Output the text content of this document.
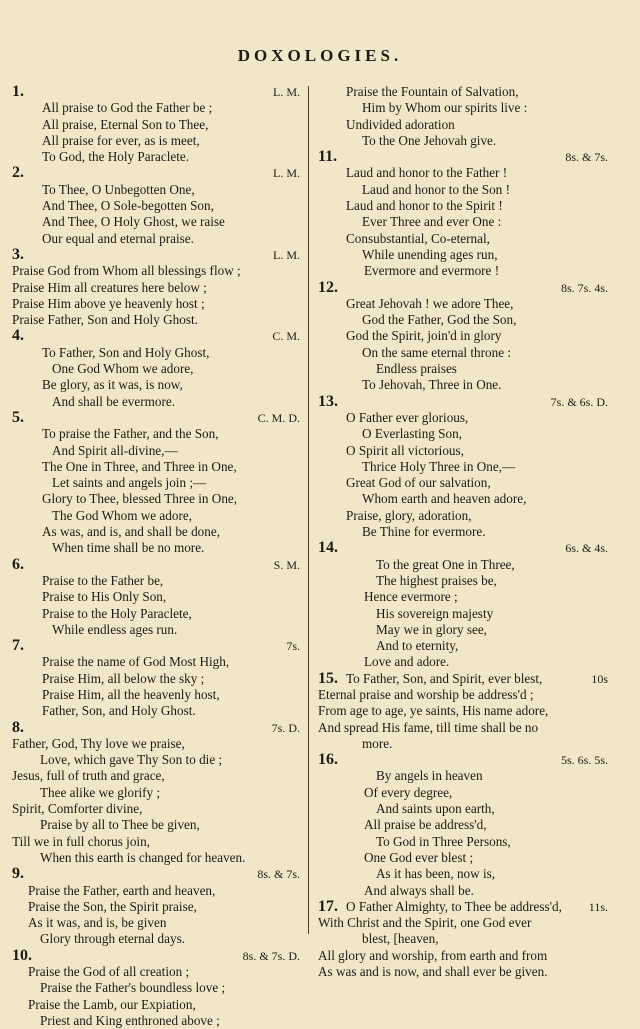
DOXOLOGIES.
1.	L. M.
All praise to God the Father be ;
All praise, Eternal Son to Thee,
All praise for ever, as is meet,
To God, the Holy Paraclete.
2.	L. M.
To Thee, O Unbegotten One,
And Thee, O Sole-begotten Son,
And Thee, O Holy Ghost, we raise
Our equal and eternal praise.
3.	L. M.
Praise God from Whom all blessings flow ;
Praise Him all creatures here below ;
Praise Him above ye heavenly host ;
Praise Father, Son and Holy Ghost.
4.	C. M.
To Father, Son and Holy Ghost,
One God Whom we adore,
Be glory, as it was, is now,
And shall be evermore.
5.	C. M. D.
To praise the Father, and the Son,
And Spirit all-divine,—
The One in Three, and Three in One,
Let saints and angels join ;—
Glory to Thee, blessed Three in One,
The God Whom we adore,
As was, and is, and shall be done,
When time shall be no more.
6.	S. M.
Praise to the Father be,
Praise to His Only Son,
Praise to the Holy Paraclete,
While endless ages run.
7.	7s.
Praise the name of God Most High,
Praise Him, all below the sky ;
Praise Him, all the heavenly host,
Father, Son, and Holy Ghost.
8.	7s. D.
Father, God, Thy love we praise,
Love, which gave Thy Son to die ;
Jesus, full of truth and grace,
Thee alike we glorify ;
Spirit, Comforter divine,
Praise by all to Thee be given,
Till we in full chorus join,
When this earth is changed for heaven.
9.	8s. & 7s.
Praise the Father, earth and heaven,
Praise the Son, the Spirit praise,
As it was, and is, be given
Glory through eternal days.
10.	8s. & 7s. D.
Praise the God of all creation ;
Praise the Father's boundless love ;
Praise the Lamb, our Expiation,
Priest and King enthroned above ;
Praise the Fountain of Salvation,
Him by Whom our spirits live :
Undivided adoration
To the One Jehovah give.
11.	8s. & 7s.
Laud and honor to the Father !
Laud and honor to the Son !
Laud and honor to the Spirit !
Ever Three and ever One :
Consubstantial, Co-eternal,
While unending ages run,
Evermore and evermore !
12.	8s. 7s. 4s.
Great Jehovah ! we adore Thee,
God the Father, God the Son,
God the Spirit, join'd in glory
On the same eternal throne :
Endless praises
To Jehovah, Three in One.
13.	7s. & 6s. D.
O Father ever glorious,
O Everlasting Son,
O Spirit all victorious,
Thrice Holy Three in One,—
Great God of our salvation,
Whom earth and heaven adore,
Praise, glory, adoration,
Be Thine for evermore.
14.	6s. & 4s.
To the great One in Three,
The highest praises be,
Hence evermore ;
His sovereign majesty
May we in glory see,
And to eternity,
Love and adore.
15.	10s
To Father, Son, and Spirit, ever blest,
Eternal praise and worship be address'd ;
From age to age, ye saints, His name adore,
And spread His fame, till time shall be no
more.
16.	5s. 6s. 5s.
By angels in heaven
Of every degree,
And saints upon earth,
All praise be address'd,
To God in Three Persons,
One God ever blest ;
As it has been, now is,
And always shall be.
17.	11s.
O Father Almighty, to Thee be address'd,
With Christ and the Spirit, one God ever
blest, [heaven,
All glory and worship, from earth and from
As was and is now, and shall ever be given.
